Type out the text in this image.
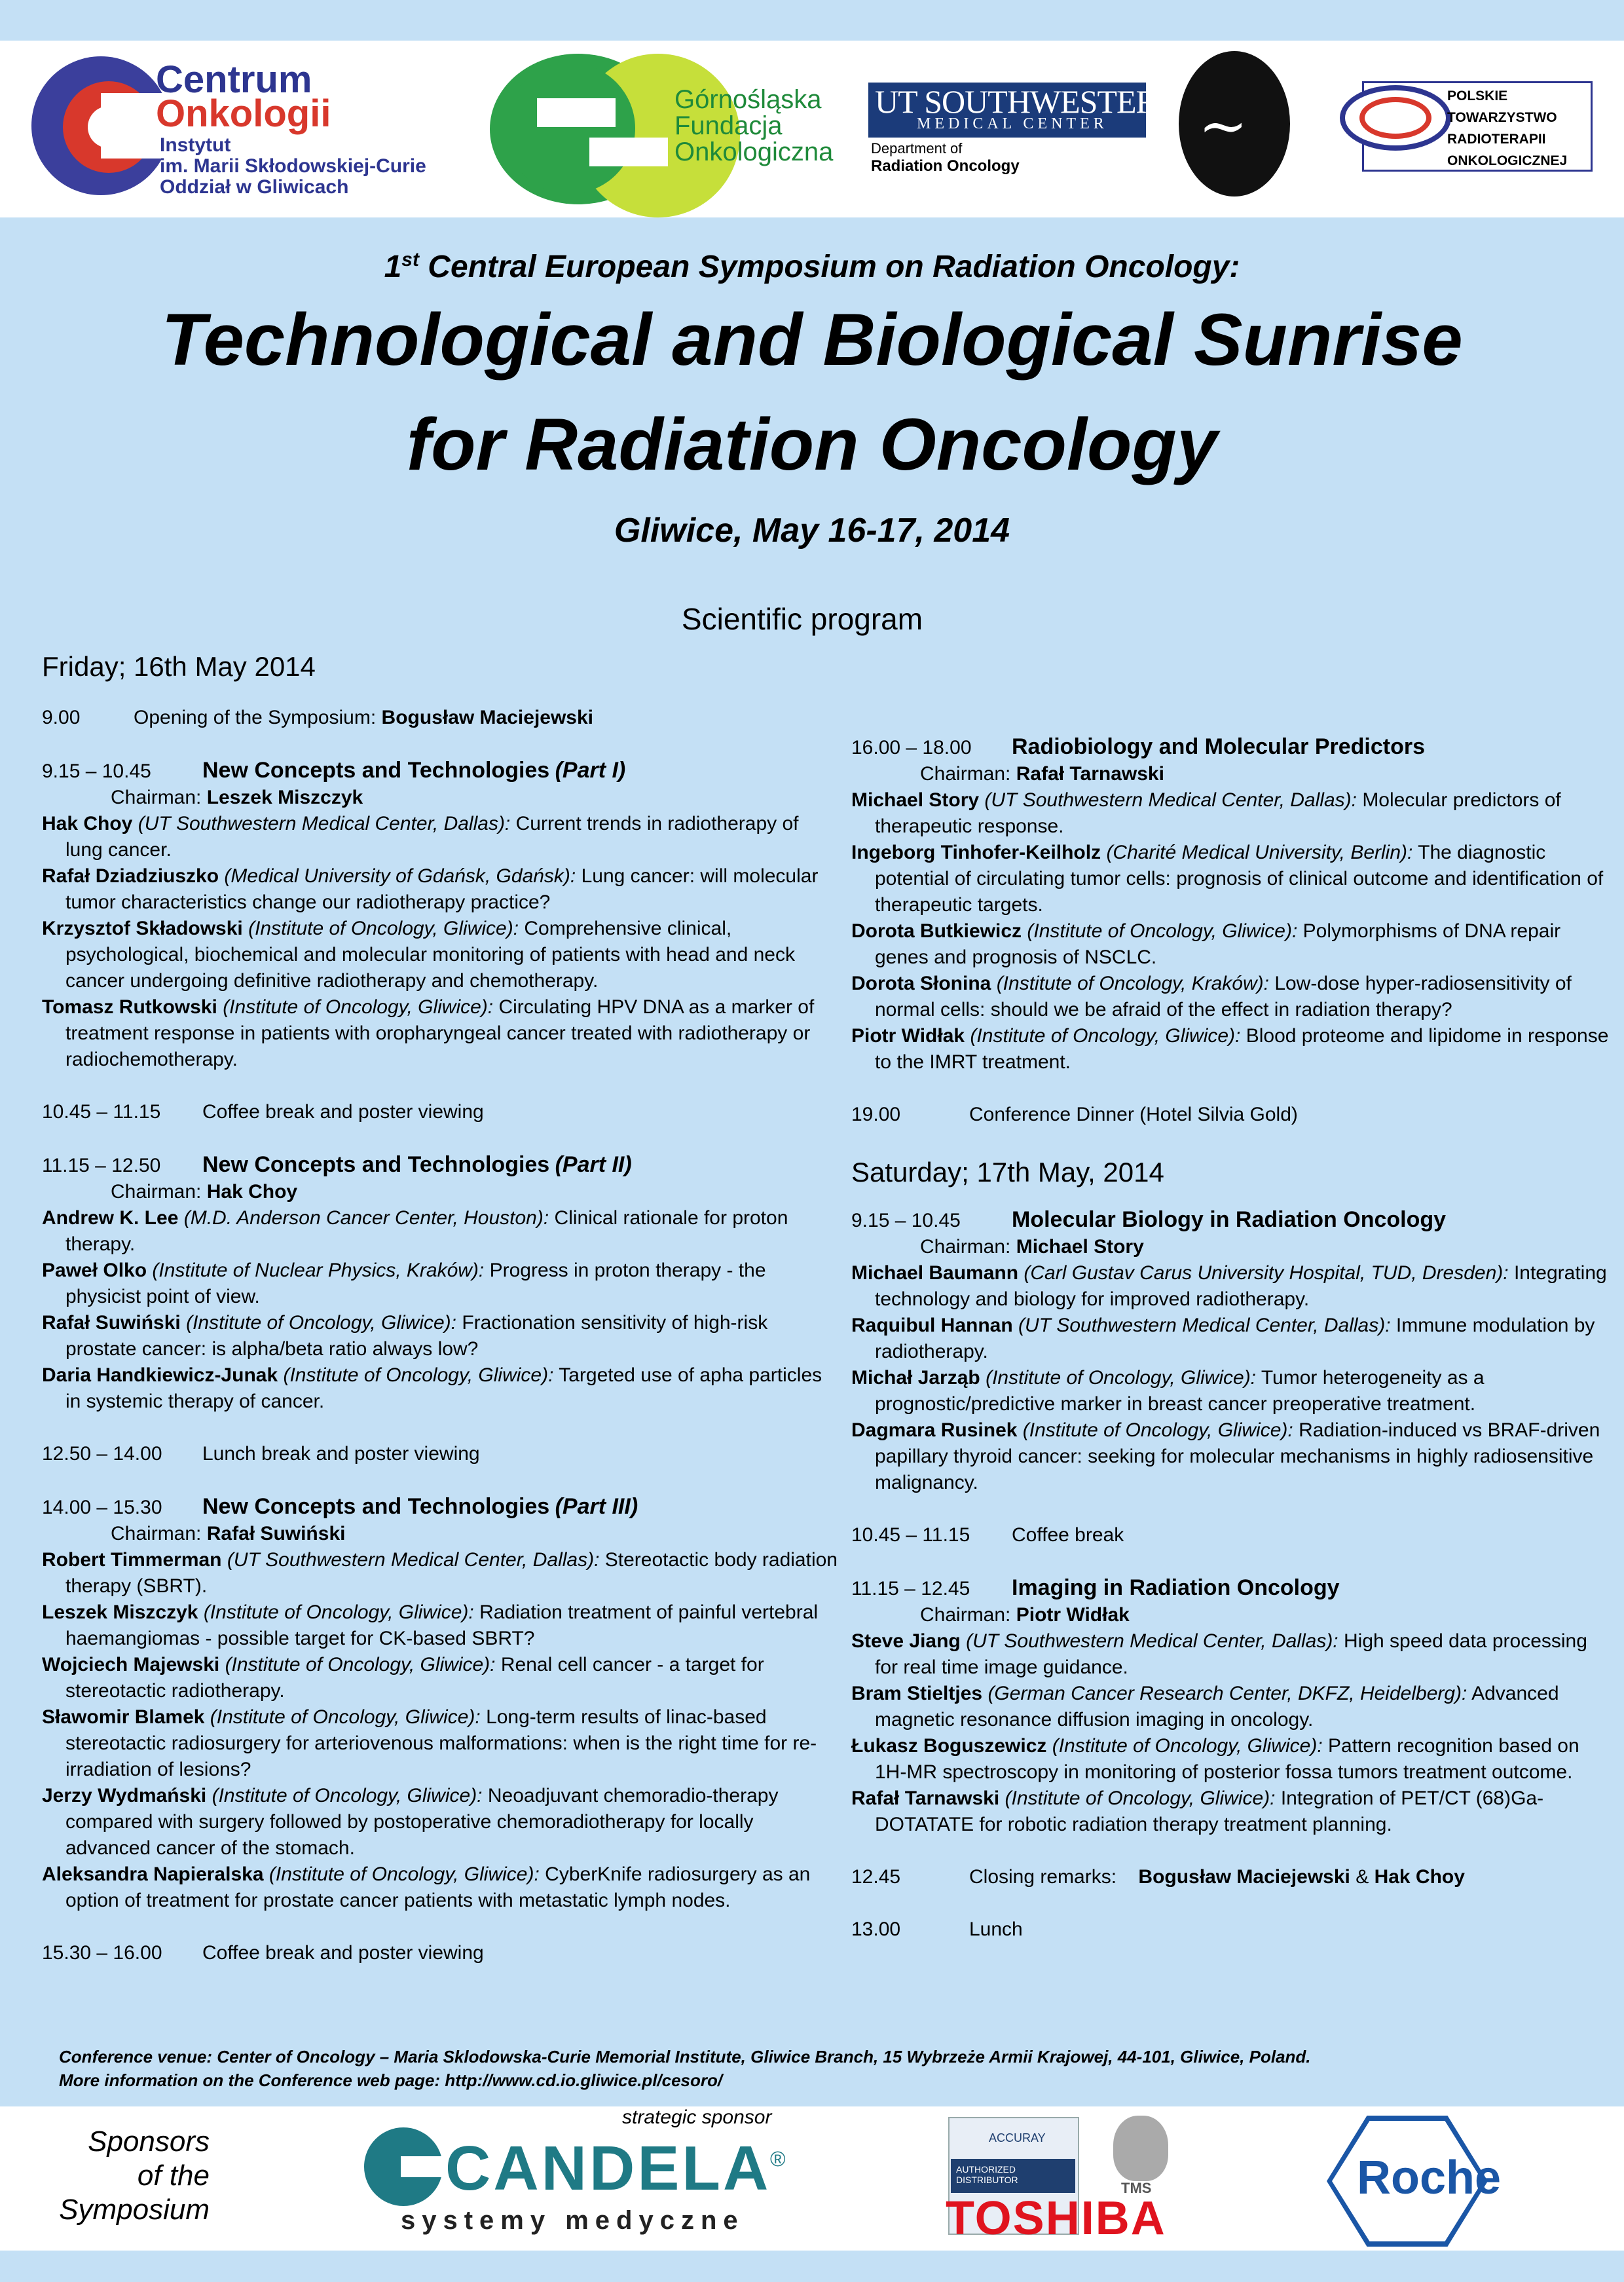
Centrum
Onkologii
Instytut
im. Marii Skłodowskiej-Curie
Oddział w Gliwicach
Górnośląska
Fundacja
Onkologiczna
UT SOUTHWESTERN
MEDICAL CENTER
Department of
Radiation Oncology
~	POLSKIE
TOWARZYSTWO
RADIOTERAPII
ONKOLOGICZNEJ
1st Central European Symposium on Radiation Oncology:
Technological and Biological Sunrise
for Radiation Oncology
Gliwice, May 16-17, 2014
Scientific program
Friday; 16th May 2014
9.00	Opening of the Symposium: Bogusław Maciejewski
9.15 – 10.45 New Concepts and Technologies (Part I)
Chairman: Leszek Miszczyk
Hak Choy (UT Southwestern Medical Center, Dallas): Current trends in radiotherapy of lung cancer.
Rafał Dziadziuszko (Medical University of Gdańsk, Gdańsk): Lung cancer: will molecular tumor characteristics change our radiotherapy practice?
Krzysztof Składowski (Institute of Oncology, Gliwice): Comprehensive clinical, psychological, biochemical and molecular monitoring of patients with head and neck cancer undergoing definitive radiotherapy and chemotherapy.
Tomasz Rutkowski (Institute of Oncology, Gliwice): Circulating HPV DNA as a marker of treatment response in patients with oropharyngeal cancer treated with radiotherapy or radiochemotherapy.
10.45 – 11.15 Coffee break and poster viewing
11.15 – 12.50 New Concepts and Technologies (Part II)
Chairman: Hak Choy
Andrew K. Lee (M.D. Anderson Cancer Center, Houston): Clinical rationale for proton therapy.
Paweł Olko (Institute of Nuclear Physics, Kraków): Progress in proton therapy - the physicist point of view.
Rafał Suwiński (Institute of Oncology, Gliwice): Fractionation sensitivity of high-risk prostate cancer: is alpha/beta ratio always low?
Daria Handkiewicz-Junak (Institute of Oncology, Gliwice): Targeted use of apha particles in systemic therapy of cancer.
12.50 – 14.00 Lunch break and poster viewing
14.00 – 15.30 New Concepts and Technologies (Part III)
Chairman: Rafał Suwiński
Robert Timmerman (UT Southwestern Medical Center, Dallas): Stereotactic body radiation therapy (SBRT).
Leszek Miszczyk (Institute of Oncology, Gliwice): Radiation treatment of painful vertebral haemangiomas - possible target for CK-based SBRT?
Wojciech Majewski (Institute of Oncology, Gliwice): Renal cell cancer - a target for stereotactic radiotherapy.
Sławomir Blamek (Institute of Oncology, Gliwice): Long-term results of linac-based stereotactic radiosurgery for arteriovenous malformations: when is the right time for re-irradiation of lesions?
Jerzy Wydmański (Institute of Oncology, Gliwice): Neoadjuvant chemoradio-therapy compared with surgery followed by postoperative chemoradiotherapy for locally advanced cancer of the stomach.
Aleksandra Napieralska (Institute of Oncology, Gliwice): CyberKnife radiosurgery as an option of treatment for prostate cancer patients with metastatic lymph nodes.
15.30 – 16.00 Coffee break and poster viewing
16.00 – 18.00 Radiobiology and Molecular Predictors
Chairman: Rafał Tarnawski
Michael Story (UT Southwestern Medical Center, Dallas): Molecular predictors of therapeutic response.
Ingeborg Tinhofer-Keilholz (Charité Medical University, Berlin): The diagnostic potential of circulating tumor cells: prognosis of clinical outcome and identification of therapeutic targets.
Dorota Butkiewicz (Institute of Oncology, Gliwice): Polymorphisms of DNA repair genes and prognosis of NSCLC.
Dorota Słonina (Institute of Oncology, Kraków): Low-dose hyper-radiosensitivity of normal cells: should we be afraid of the effect in radiation therapy?
Piotr Widłak (Institute of Oncology, Gliwice): Blood proteome and lipidome in response to the IMRT treatment.
19.00	Conference Dinner (Hotel Silvia Gold)
Saturday; 17th May, 2014
9.15 – 10.45 Molecular Biology in Radiation Oncology
Chairman: Michael Story
Michael Baumann (Carl Gustav Carus University Hospital, TUD, Dresden): Integrating technology and biology for improved radiotherapy.
Raquibul Hannan (UT Southwestern Medical Center, Dallas): Immune modulation by radiotherapy.
Michał Jarząb (Institute of Oncology, Gliwice): Tumor heterogeneity as a prognostic/predictive marker in breast cancer preoperative treatment.
Dagmara Rusinek (Institute of Oncology, Gliwice): Radiation-induced vs BRAF-driven papillary thyroid cancer: seeking for molecular mechanisms in highly radiosensitive malignancy.
10.45 – 11.15 Coffee break
11.15 – 12.45 Imaging in Radiation Oncology
Chairman: Piotr Widłak
Steve Jiang (UT Southwestern Medical Center, Dallas): High speed data processing for real time image guidance.
Bram Stieltjes (German Cancer Research Center, DKFZ, Heidelberg): Advanced magnetic resonance diffusion imaging in oncology.
Łukasz Boguszewicz (Institute of Oncology, Gliwice): Pattern recognition based on 1H-MR spectroscopy in monitoring of posterior fossa tumors treatment outcome.
Rafał Tarnawski (Institute of Oncology, Gliwice): Integration of PET/CT (68)Ga-DOTATATE for robotic radiation therapy treatment planning.
12.45	Closing remarks: Bogusław Maciejewski & Hak Choy
13.00	Lunch
Conference venue: Center of Oncology – Maria Sklodowska-Curie Memorial Institute, Gliwice Branch, 15 Wybrzeże Armii Krajowej, 44-101, Gliwice, Poland.
More information on the Conference web page: http://www.cd.io.gliwice.pl/cesoro/
Sponsors
of the
Symposium
strategic sponsor
CANDELA
®
systemy medyczne
ACCURAY
AUTHORIZED DISTRIBUTOR	TMS
TOSHIBA
Roche
